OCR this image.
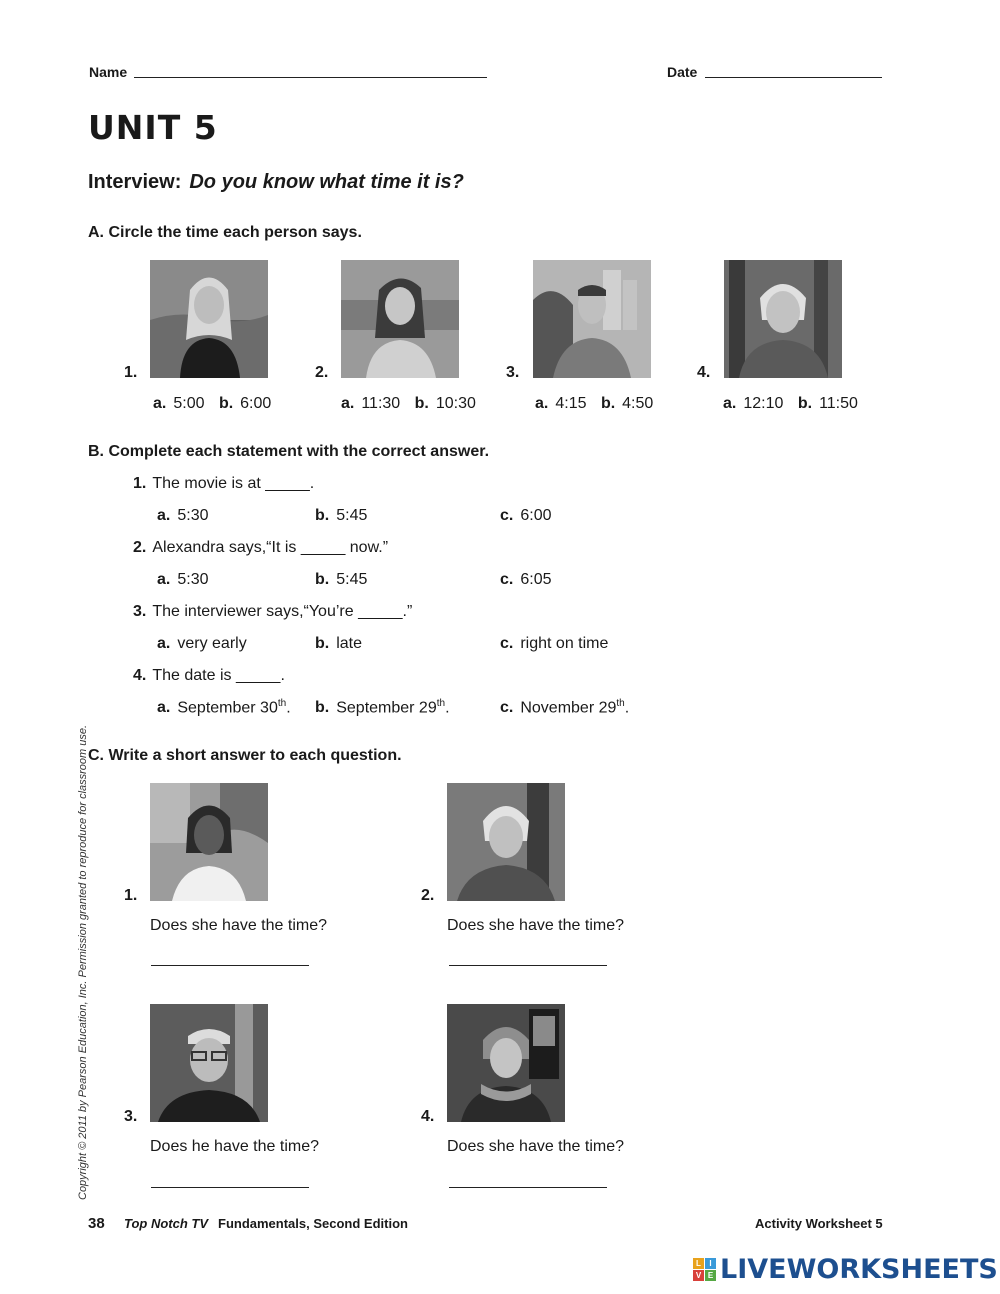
Name	Date
UNIT 5
Interview: Do you know what time it is?
A. Circle the time each person says.
1.	2.	3.	4.
a. 5:00 b. 6:00	a. 11:30 b. 10:30	a. 4:15 b. 4:50	a. 12:10 b. 11:50
B. Complete each statement with the correct answer.
1. The movie is at _____.
a. 5:30	b. 5:45	c. 6:00
2. Alexandra says,“It is _____ now.”
a. 5:30	b. 5:45	c. 6:05
3. The interviewer says,“You’re _____.”
a. very early	b. late	c. right on time
4. The date is _____.
a. September 30th. b. September 29th.	c. November 29th.
C. Write a short answer to each question.
1.	2.
3.	4.
Does she have the time?	Does she have the time?
Does he have the time?	Does she have the time?
Copyright © 2011 by Pearson Education, Inc. Permission granted to reproduce for classroom use.
38 Top Notch TV Fundamentals, Second Edition	Activity Worksheet 5
L	I
V E LIVEWORKSHEETS
